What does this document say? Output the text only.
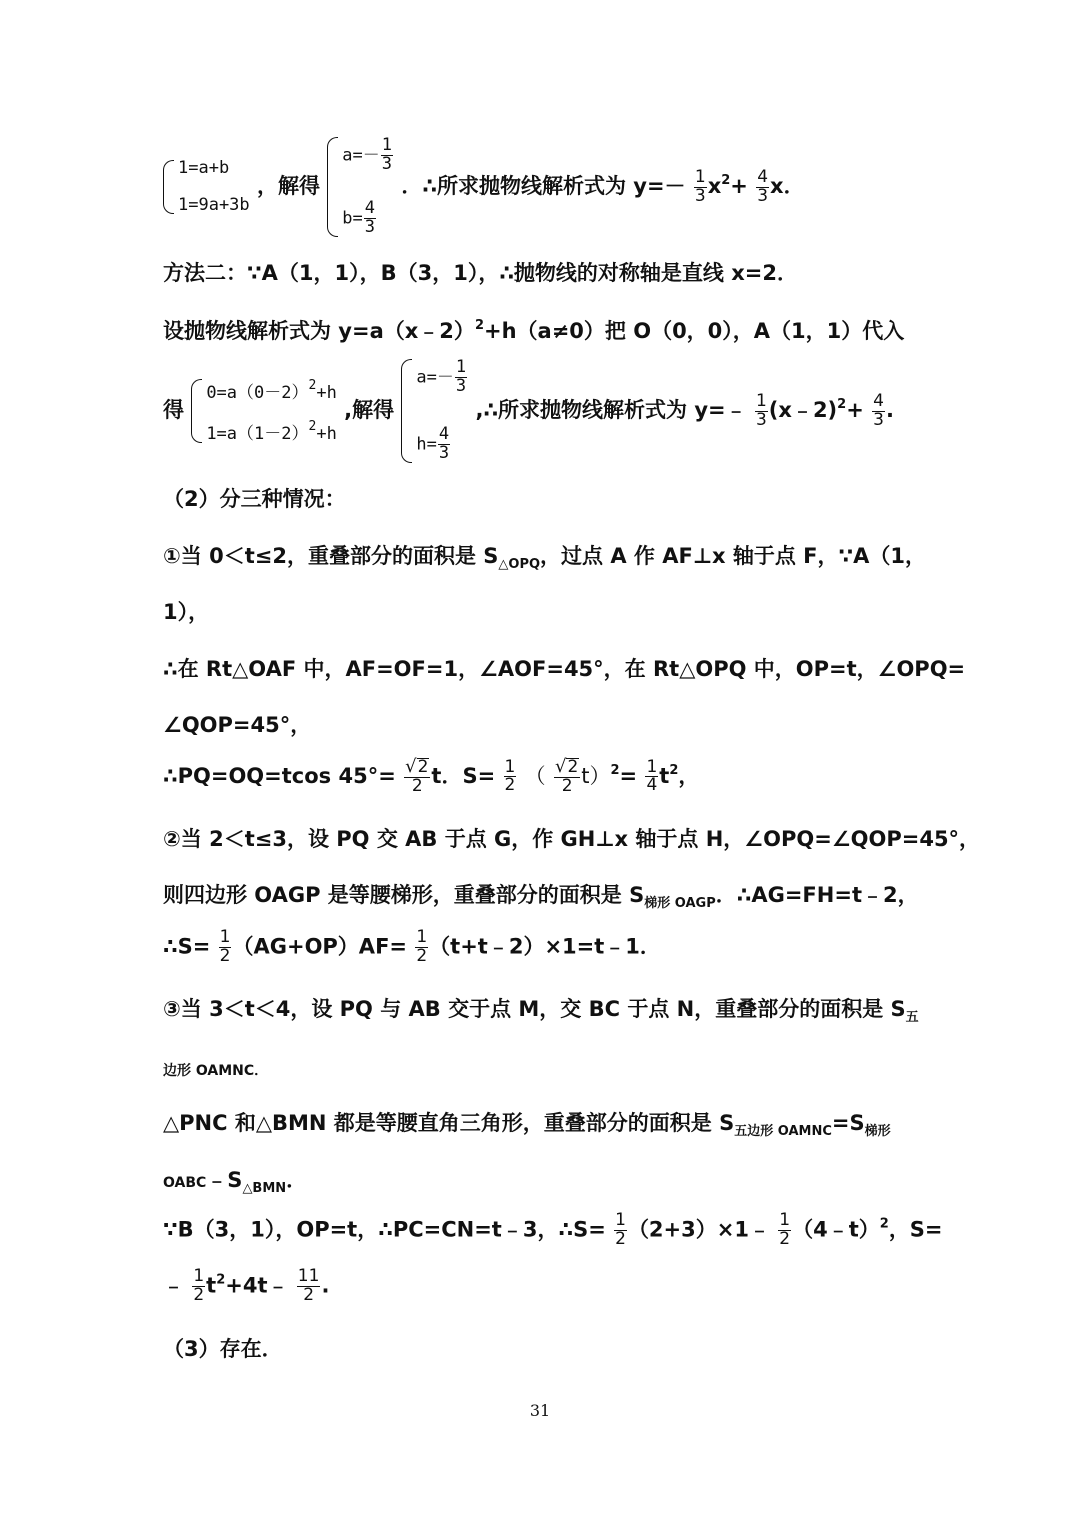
1=a+b
1=9a+3b
，解得
$a=- \frac{1}{3}$
$b= \frac{4}{3}$
．∴所求抛物线解析式为 $y=- \frac{1}{3} x^2+ \frac{4}{3}$ x．
方法二：∵A（1，1），B（3，1），∴抛物线的对称轴是直线 x=2．
设抛物线解析式为 y=a（x﹣2）$^2$+h（a≠0）把 O（0，0），A（1，1）代入
得
$0=a(0-2)^2+h$
$1=a(1-2)^2+h$
,解得
$a=- \frac{1}{3}$
$h= \frac{4}{3}$
,∴所求抛物线解析式为 y=﹣ $\frac{1}{3}$ (x﹣2)$^2$+ $\frac{4}{3}$ .
（2）分三种情况：
①当 0＜t≤2，重叠部分的面积是 $S_{\triangle OPQ}$，过点 A 作 AF⊥x 轴于点 F，∵A（1，
1），
∴在 Rt△OAF 中，AF=OF=1，∠AOF=45°，在 Rt△OPQ 中，OP=t，∠OPQ=
∠QOP=45°，
∴PQ=OQ=tcos $45^\circ= \frac{√ 2}{2}$ t．$S= \frac{1}{2}$ （ $\frac{√ 2}{2} t)^2= \frac{1}{4} t^2$，
②当 2＜t≤3，设 PQ 交 AB 于点 G，作 GH⊥x 轴于点 H，∠OPQ=∠QOP=45°，
则四边形 OAGP 是等腰梯形，重叠部分的面积是 $S_{梯形 OAGP}$．∴AG=FH=t﹣2，
∴S= $\frac{1}{2} (AG+OP)AF= \frac{1}{2}$ （t+t﹣2）×1=t﹣1．
③当 3＜t＜4，设 PQ 与 AB 交于点 M，交 BC 于点 N，重叠部分的面积是 $S_五$
边形 OAMNC．
△PNC 和△BMN 都是等腰直角三角形，重叠部分的面积是 $S_{五边形 OAMNC}=S_{梯形}$
$OABC﹣S_{\triangle BMN}$．
∵B（3，1），OP=t，∴PC=CN=t﹣3，∴S= $\frac{1}{2}$ （2+3）×1﹣ $\frac{1}{2}$ （4﹣t）$^2$，S=
﹣ $\frac{1}{2}$ $t^2+4t﹣ \frac{11}{2}$ .
（3）存在．
31
